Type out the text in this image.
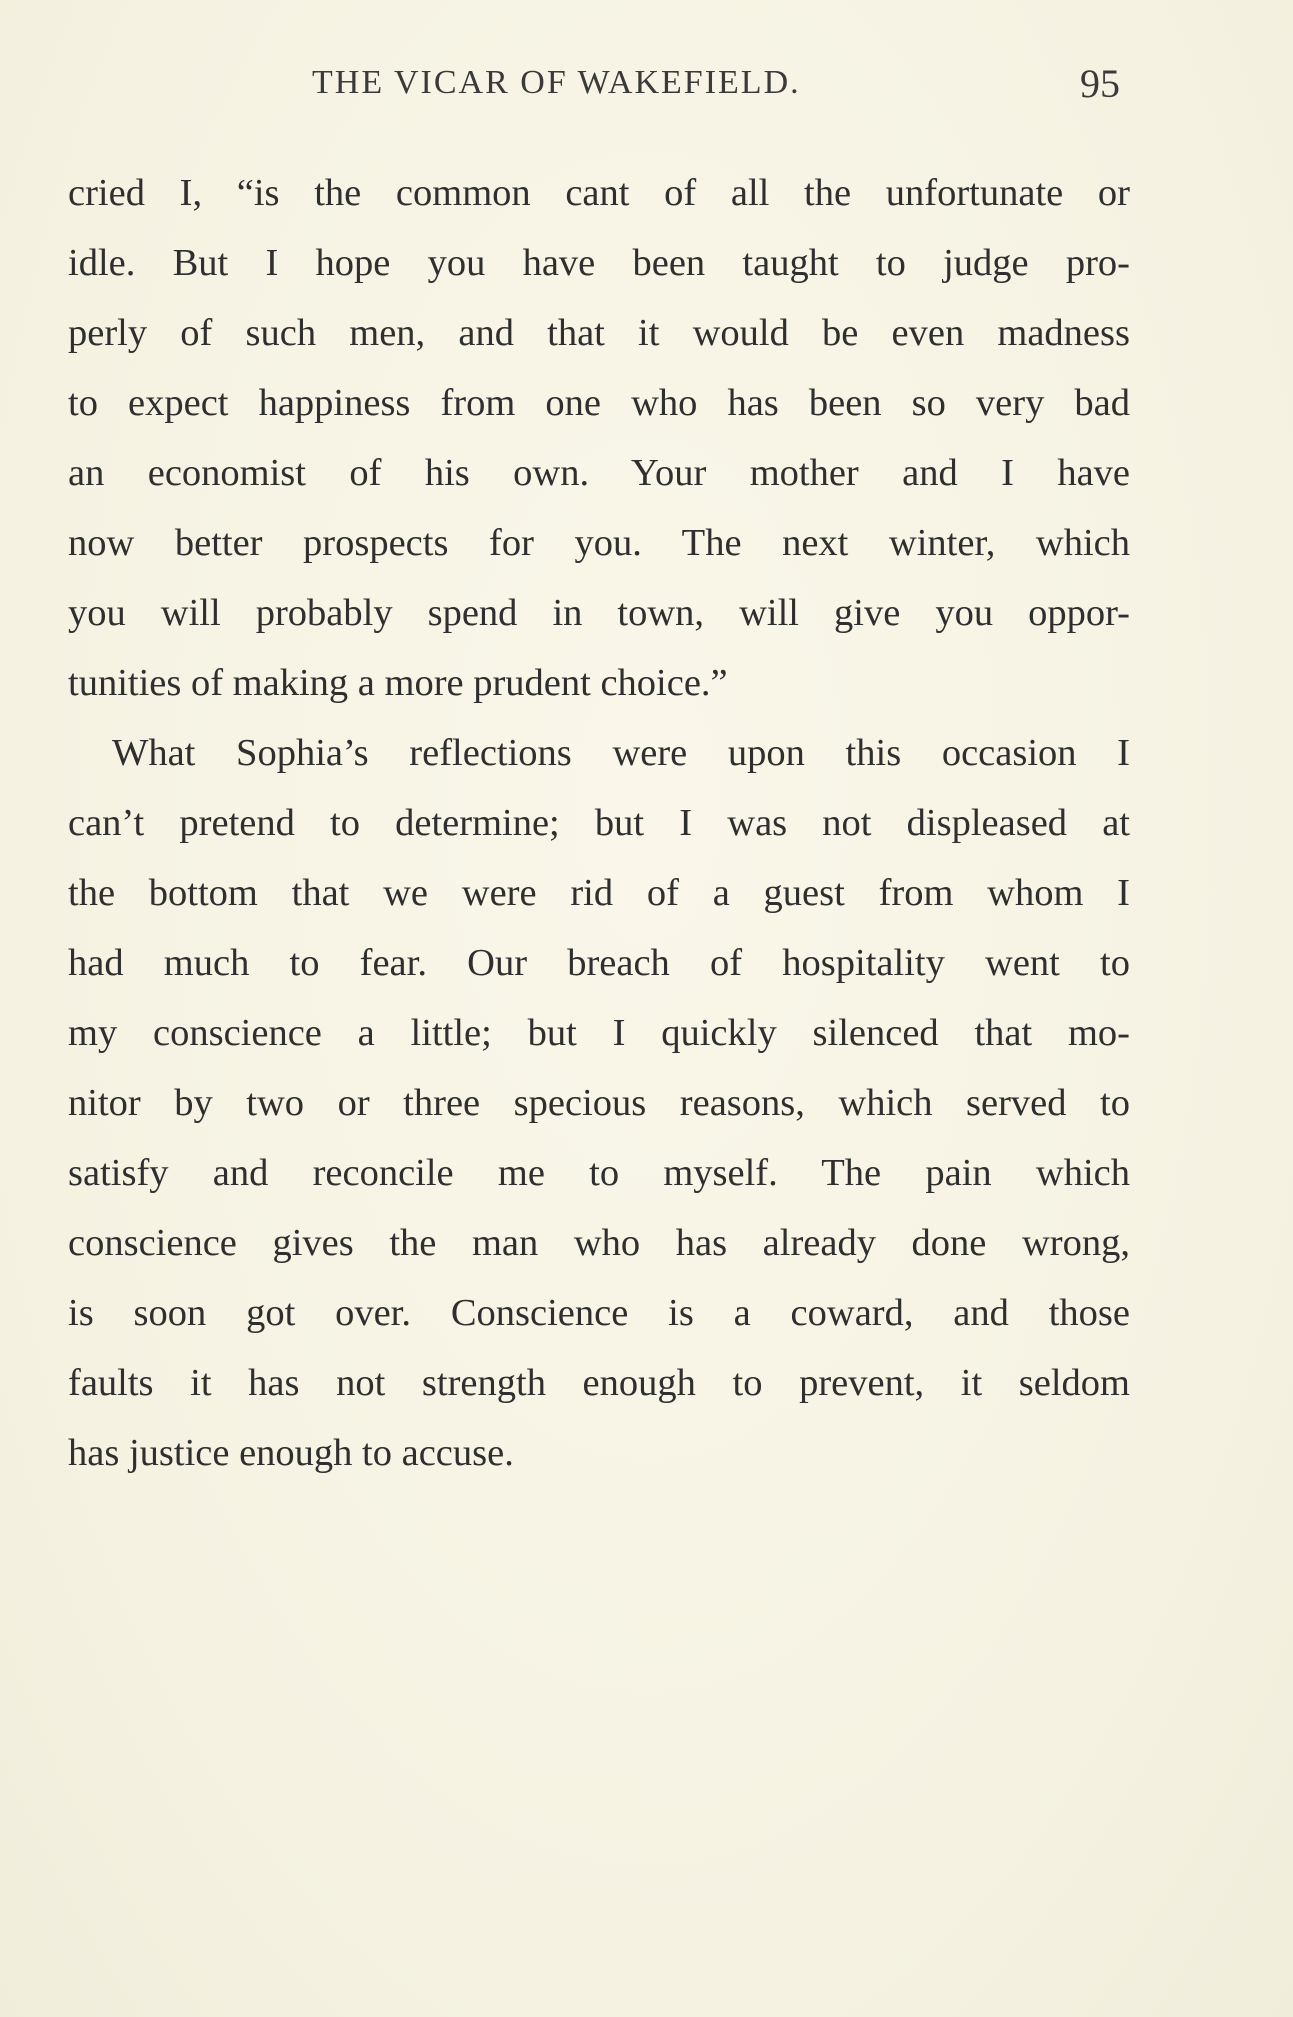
THE VICAR OF WAKEFIELD.	95
cried I, “is the common cant of all the unfortunate or
idle. But I hope you have been taught to judge pro-
perly of such men, and that it would be even madness
to expect happiness from one who has been so very bad
an economist of his own. Your mother and I have
now better prospects for you. The next winter, which
you will probably spend in town, will give you oppor-
tunities of making a more prudent choice.”
What Sophia’s reflections were upon this occasion I
can’t pretend to determine; but I was not displeased at
the bottom that we were rid of a guest from whom I
had much to fear. Our breach of hospitality went to
my conscience a little; but I quickly silenced that mo-
nitor by two or three specious reasons, which served to
satisfy and reconcile me to myself. The pain which
conscience gives the man who has already done wrong,
is soon got over. Conscience is a coward, and those
faults it has not strength enough to prevent, it seldom
has justice enough to accuse.
